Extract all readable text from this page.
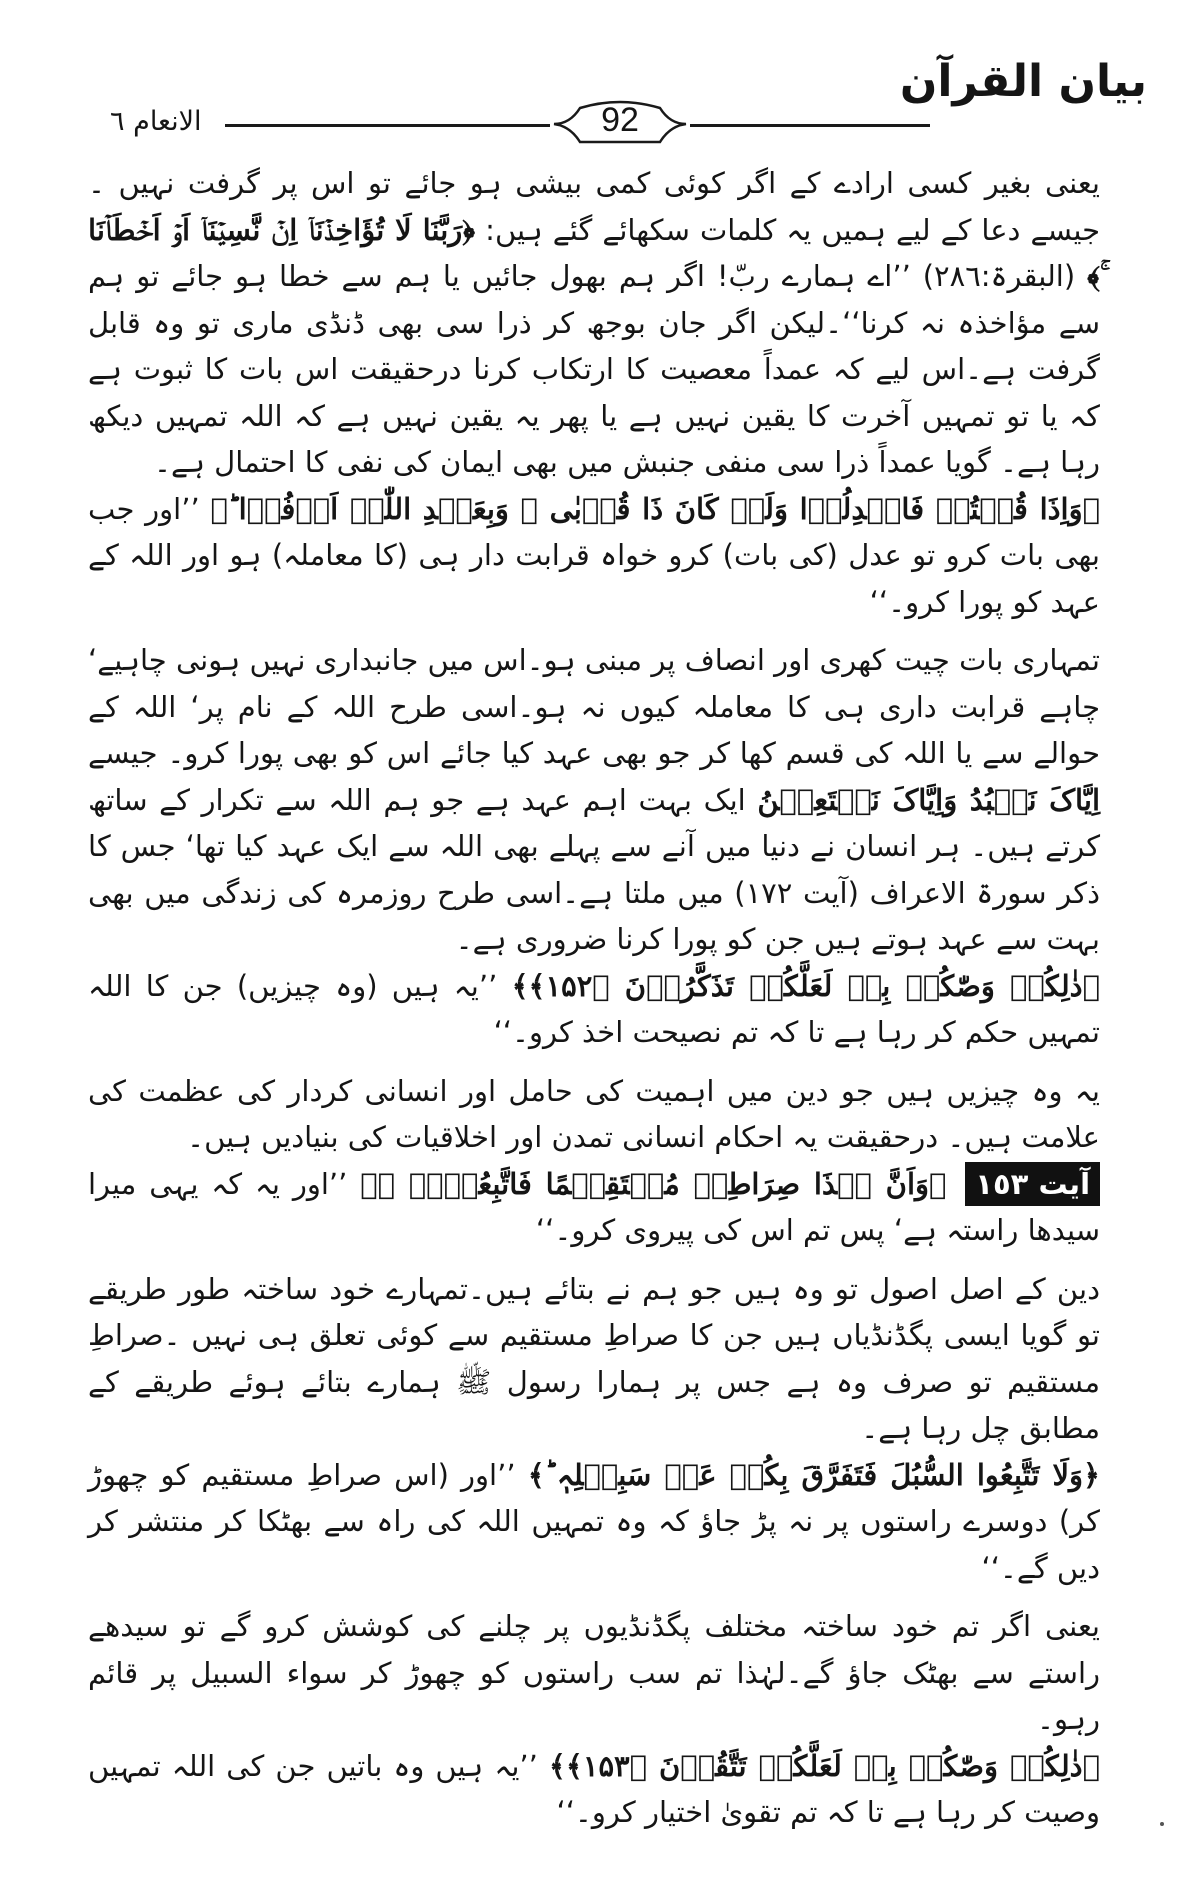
بیان القرآن
92
الانعام ٦

یعنی بغیر کسی ارادے کے اگر کوئی کمی بیشی ہو جائے تو اس پر گرفت نہیں ۔ جیسے دعا کے لیے ہمیں یہ کلمات سکھائے گئے ہیں: ﴿رَبَّنَا لَا تُؤَاخِذۡنَاۤ اِنۡ نَّسِیۡنَاۤ اَوۡ اَخۡطَاۡنَا ۚ﴾ (البقرۃ:٢٨٦) ’’اے ہمارے ربّ! اگر ہم بھول جائیں یا ہم سے خطا ہو جائے تو ہم سے مؤاخذہ نہ کرنا‘‘۔لیکن اگر جان بوجھ کر ذرا سی بھی ڈنڈی ماری تو وہ قابل گرفت ہے۔اس لیے کہ عمداً معصیت کا ارتکاب کرنا درحقیقت اس بات کا ثبوت ہے کہ یا تو تمہیں آخرت کا یقین نہیں ہے یا پھر یہ یقین نہیں ہے کہ اللہ تمہیں دیکھ رہا ہے۔ گویا عمداً ذرا سی منفی جنبش میں بھی ایمان کی نفی کا احتمال ہے۔

﴿وَاِذَا قُلۡتُمۡ فَاعۡدِلُوۡا وَلَوۡ کَانَ ذَا قُرۡبٰی ۚ وَبِعَہۡدِ اللّٰہِ اَوۡفُوۡا ؕ﴾ ’’اور جب بھی بات کرو تو عدل (کی بات) کرو خواہ قرابت دار ہی (کا معاملہ) ہو اور اللہ کے عہد کو پورا کرو۔‘‘

تمہاری بات چیت کھری اور انصاف پر مبنی ہو۔اس میں جانبداری نہیں ہونی چاہیے‘ چاہے قرابت داری ہی کا معاملہ کیوں نہ ہو۔اسی طرح اللہ کے نام پر‘ اللہ کے حوالے سے یا اللہ کی قسم کھا کر جو بھی عہد کیا جائے اس کو بھی پورا کرو۔ جیسے اِیَّاکَ نَعۡبُدُ وَاِیَّاکَ نَسۡتَعِیۡنُ ایک بہت اہم عہد ہے جو ہم اللہ سے تکرار کے ساتھ کرتے ہیں۔ ہر انسان نے دنیا میں آنے سے پہلے بھی اللہ سے ایک عہد کیا تھا‘ جس کا ذکر سورۃ الاعراف (آیت ١٧٢) میں ملتا ہے۔اسی طرح روزمرہ کی زندگی میں بھی بہت سے عہد ہوتے ہیں جن کو پورا کرنا ضروری ہے۔

﴿ذٰلِکُمۡ وَصّٰکُمۡ بِہٖ لَعَلَّکُمۡ تَذَکَّرُوۡنَ ﴿۱۵۲﴾﴾ ’’یہ ہیں (وہ چیزیں) جن کا اللہ تمہیں حکم کر رہا ہے تا کہ تم نصیحت اخذ کرو۔‘‘

یہ وہ چیزیں ہیں جو دین میں اہمیت کی حامل اور انسانی کردار کی عظمت کی علامت ہیں۔ درحقیقت یہ احکام انسانی تمدن اور اخلاقیات کی بنیادیں ہیں۔

آیت ١٥٣ ﴿وَاَنَّ ہٰذَا صِرَاطِیۡ مُسۡتَقِیۡمًا فَاتَّبِعُوۡہُ ۚ﴾ ’’اور یہ کہ یہی میرا سیدھا راستہ ہے‘ پس تم اس کی پیروی کرو۔‘‘

دین کے اصل اصول تو وہ ہیں جو ہم نے بتائے ہیں۔تمہارے خود ساختہ طور طریقے تو گویا ایسی پگڈنڈیاں ہیں جن کا صراطِ مستقیم سے کوئی تعلق ہی نہیں ۔صراطِ مستقیم تو صرف وہ ہے جس پر ہمارا رسول ﷺ ہمارے بتائے ہوئے طریقے کے مطابق چل رہا ہے۔

﴿وَلَا تَتَّبِعُوا السُّبُلَ فَتَفَرَّقَ بِکُمۡ عَنۡ سَبِیۡلِہٖ ؕ﴾ ’’اور (اس صراطِ مستقیم کو چھوڑ کر) دوسرے راستوں پر نہ پڑ جاؤ کہ وہ تمہیں اللہ کی راہ سے بھٹکا کر منتشر کر دیں گے۔‘‘

یعنی اگر تم خود ساختہ مختلف پگڈنڈیوں پر چلنے کی کوشش کرو گے تو سیدھے راستے سے بھٹک جاؤ گے۔لہٰذا تم سب راستوں کو چھوڑ کر سواء السبیل پر قائم رہو۔

﴿ذٰلِکُمۡ وَصّٰکُمۡ بِہٖ لَعَلَّکُمۡ تَتَّقُوۡنَ ﴿۱۵۳﴾﴾ ’’یہ ہیں وہ باتیں جن کی اللہ تمہیں وصیت کر رہا ہے تا کہ تم تقویٰ اختیار کرو۔‘‘
